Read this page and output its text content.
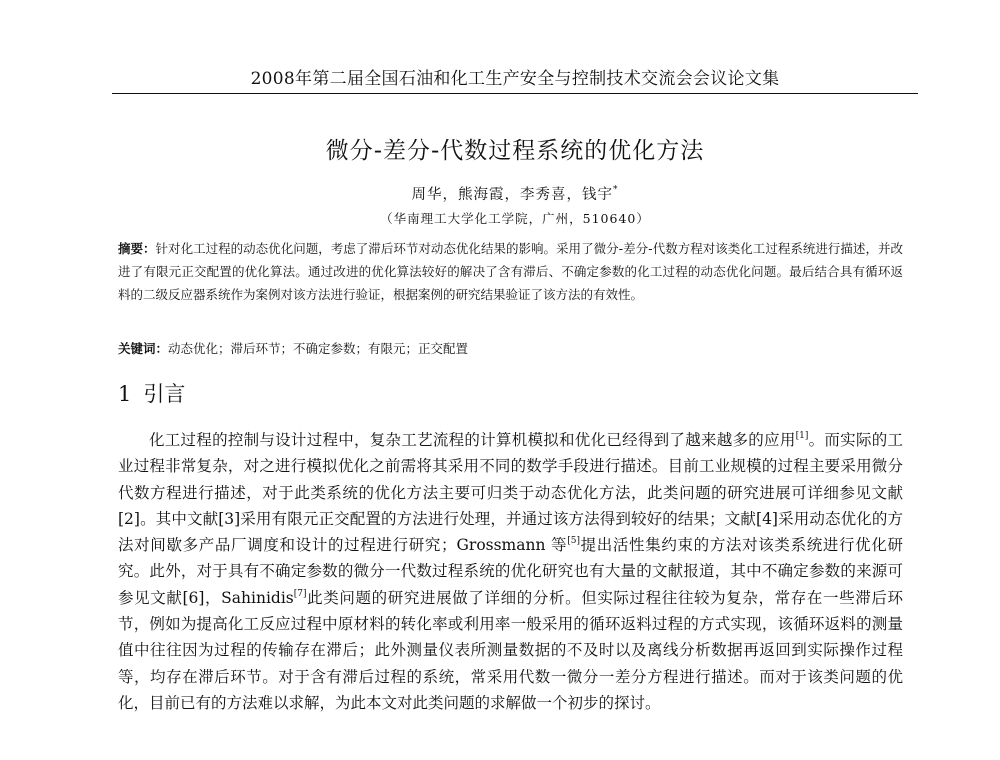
2008年第二届全国石油和化工生产安全与控制技术交流会会议论文集
微分-差分-代数过程系统的优化方法
周华，熊海霞，李秀喜，钱宇*
（华南理工大学化工学院，广州，510640）
摘要：针对化工过程的动态优化问题，考虑了滞后环节对动态优化结果的影响。采用了微分-差分-代数方程对该类化工过程系统进行描述，并改进了有限元正交配置的优化算法。通过改进的优化算法较好的解决了含有滞后、不确定参数的化工过程的动态优化问题。最后结合具有循环返料的二级反应器系统作为案例对该方法进行验证，根据案例的研究结果验证了该方法的有效性。
关键词：动态优化；滞后环节；不确定参数；有限元；正交配置
1 引言
化工过程的控制与设计过程中，复杂工艺流程的计算机模拟和优化已经得到了越来越多的应用[1]。而实际的工业过程非常复杂，对之进行模拟优化之前需将其采用不同的数学手段进行描述。目前工业规模的过程主要采用微分代数方程进行描述，对于此类系统的优化方法主要可归类于动态优化方法，此类问题的研究进展可详细参见文献[2]。其中文献[3]采用有限元正交配置的方法进行处理，并通过该方法得到较好的结果；文献[4]采用动态优化的方法对间歇多产品厂调度和设计的过程进行研究；Grossmann 等[5]提出活性集约束的方法对该类系统进行优化研究。此外，对于具有不确定参数的微分一代数过程系统的优化研究也有大量的文献报道，其中不确定参数的来源可参见文献[6]，Sahinidis[7]此类问题的研究进展做了详细的分析。但实际过程往往较为复杂，常存在一些滞后环节，例如为提高化工反应过程中原材料的转化率或利用率一般采用的循环返料过程的方式实现，该循环返料的测量值中往往因为过程的传输存在滞后；此外测量仪表所测量数据的不及时以及离线分析数据再返回到实际操作过程等，均存在滞后环节。对于含有滞后过程的系统，常采用代数一微分一差分方程进行描述。而对于该类问题的优化，目前已有的方法难以求解，为此本文对此类问题的求解做一个初步的探讨。
